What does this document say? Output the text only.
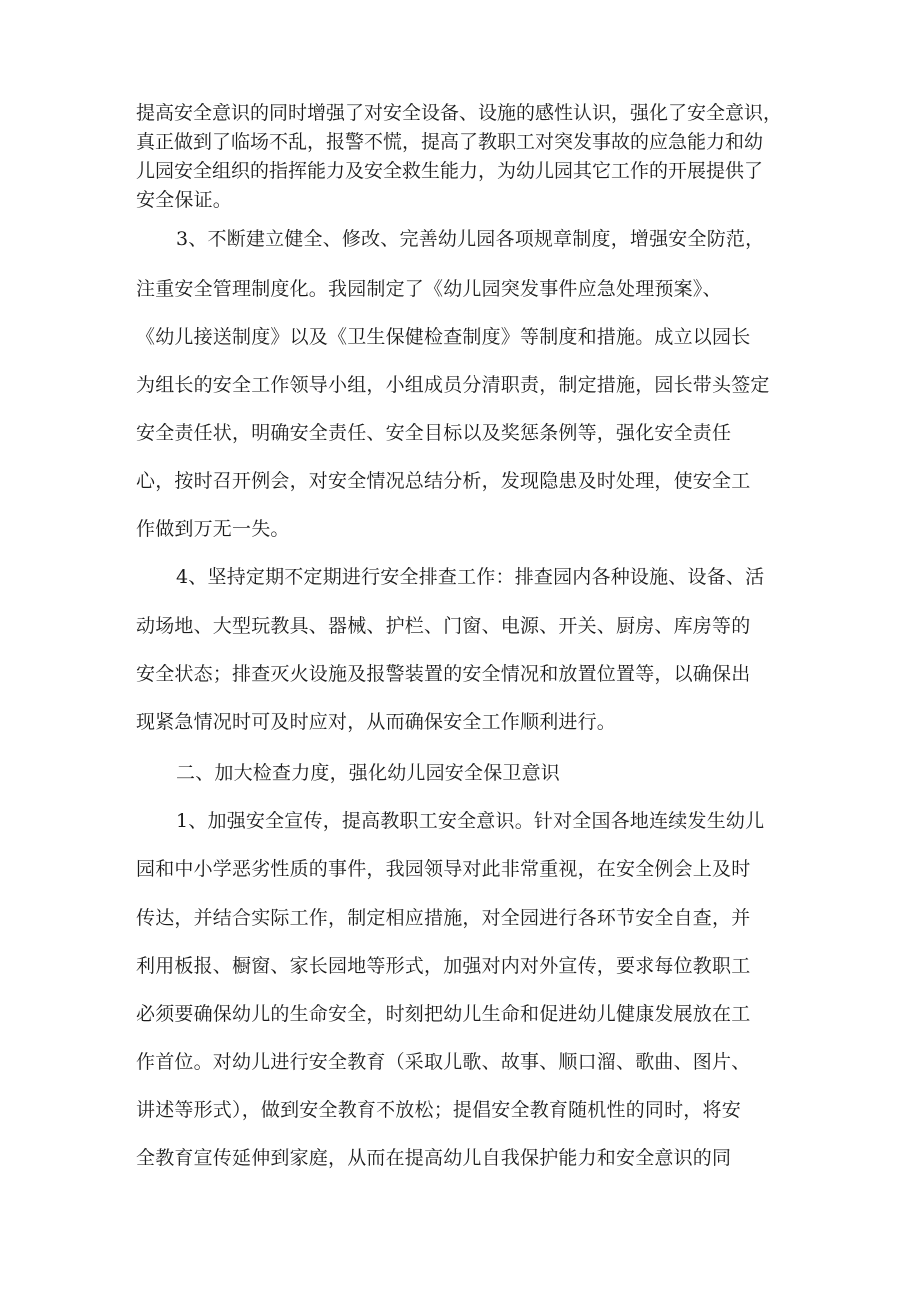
提高安全意识的同时增强了对安全设备、设施的感性认识，强化了安全意识，
真正做到了临场不乱，报警不慌，提高了教职工对突发事故的应急能力和幼
儿园安全组织的指挥能力及安全救生能力，为幼儿园其它工作的开展提供了
安全保证。
3、不断建立健全、修改、完善幼儿园各项规章制度，增强安全防范，
注重安全管理制度化。我园制定了《幼儿园突发事件应急处理预案》、
《幼儿接送制度》以及《卫生保健检查制度》等制度和措施。成立以园长
为组长的安全工作领导小组，小组成员分清职责，制定措施，园长带头签定
安全责任状，明确安全责任、安全目标以及奖惩条例等，强化安全责任
心，按时召开例会，对安全情况总结分析，发现隐患及时处理，使安全工
作做到万无一失。
4、坚持定期不定期进行安全排查工作：排查园内各种设施、设备、活
动场地、大型玩教具、器械、护栏、门窗、电源、开关、厨房、库房等的
安全状态；排查灭火设施及报警装置的安全情况和放置位置等，以确保出
现紧急情况时可及时应对，从而确保安全工作顺利进行。
二、加大检查力度，强化幼儿园安全保卫意识
1、加强安全宣传，提高教职工安全意识。针对全国各地连续发生幼儿
园和中小学恶劣性质的事件，我园领导对此非常重视，在安全例会上及时
传达，并结合实际工作，制定相应措施，对全园进行各环节安全自查，并
利用板报、橱窗、家长园地等形式，加强对内对外宣传，要求每位教职工
必须要确保幼儿的生命安全，时刻把幼儿生命和促进幼儿健康发展放在工
作首位。对幼儿进行安全教育（采取儿歌、故事、顺口溜、歌曲、图片、
讲述等形式），做到安全教育不放松；提倡安全教育随机性的同时，将安
全教育宣传延伸到家庭，从而在提高幼儿自我保护能力和安全意识的同
